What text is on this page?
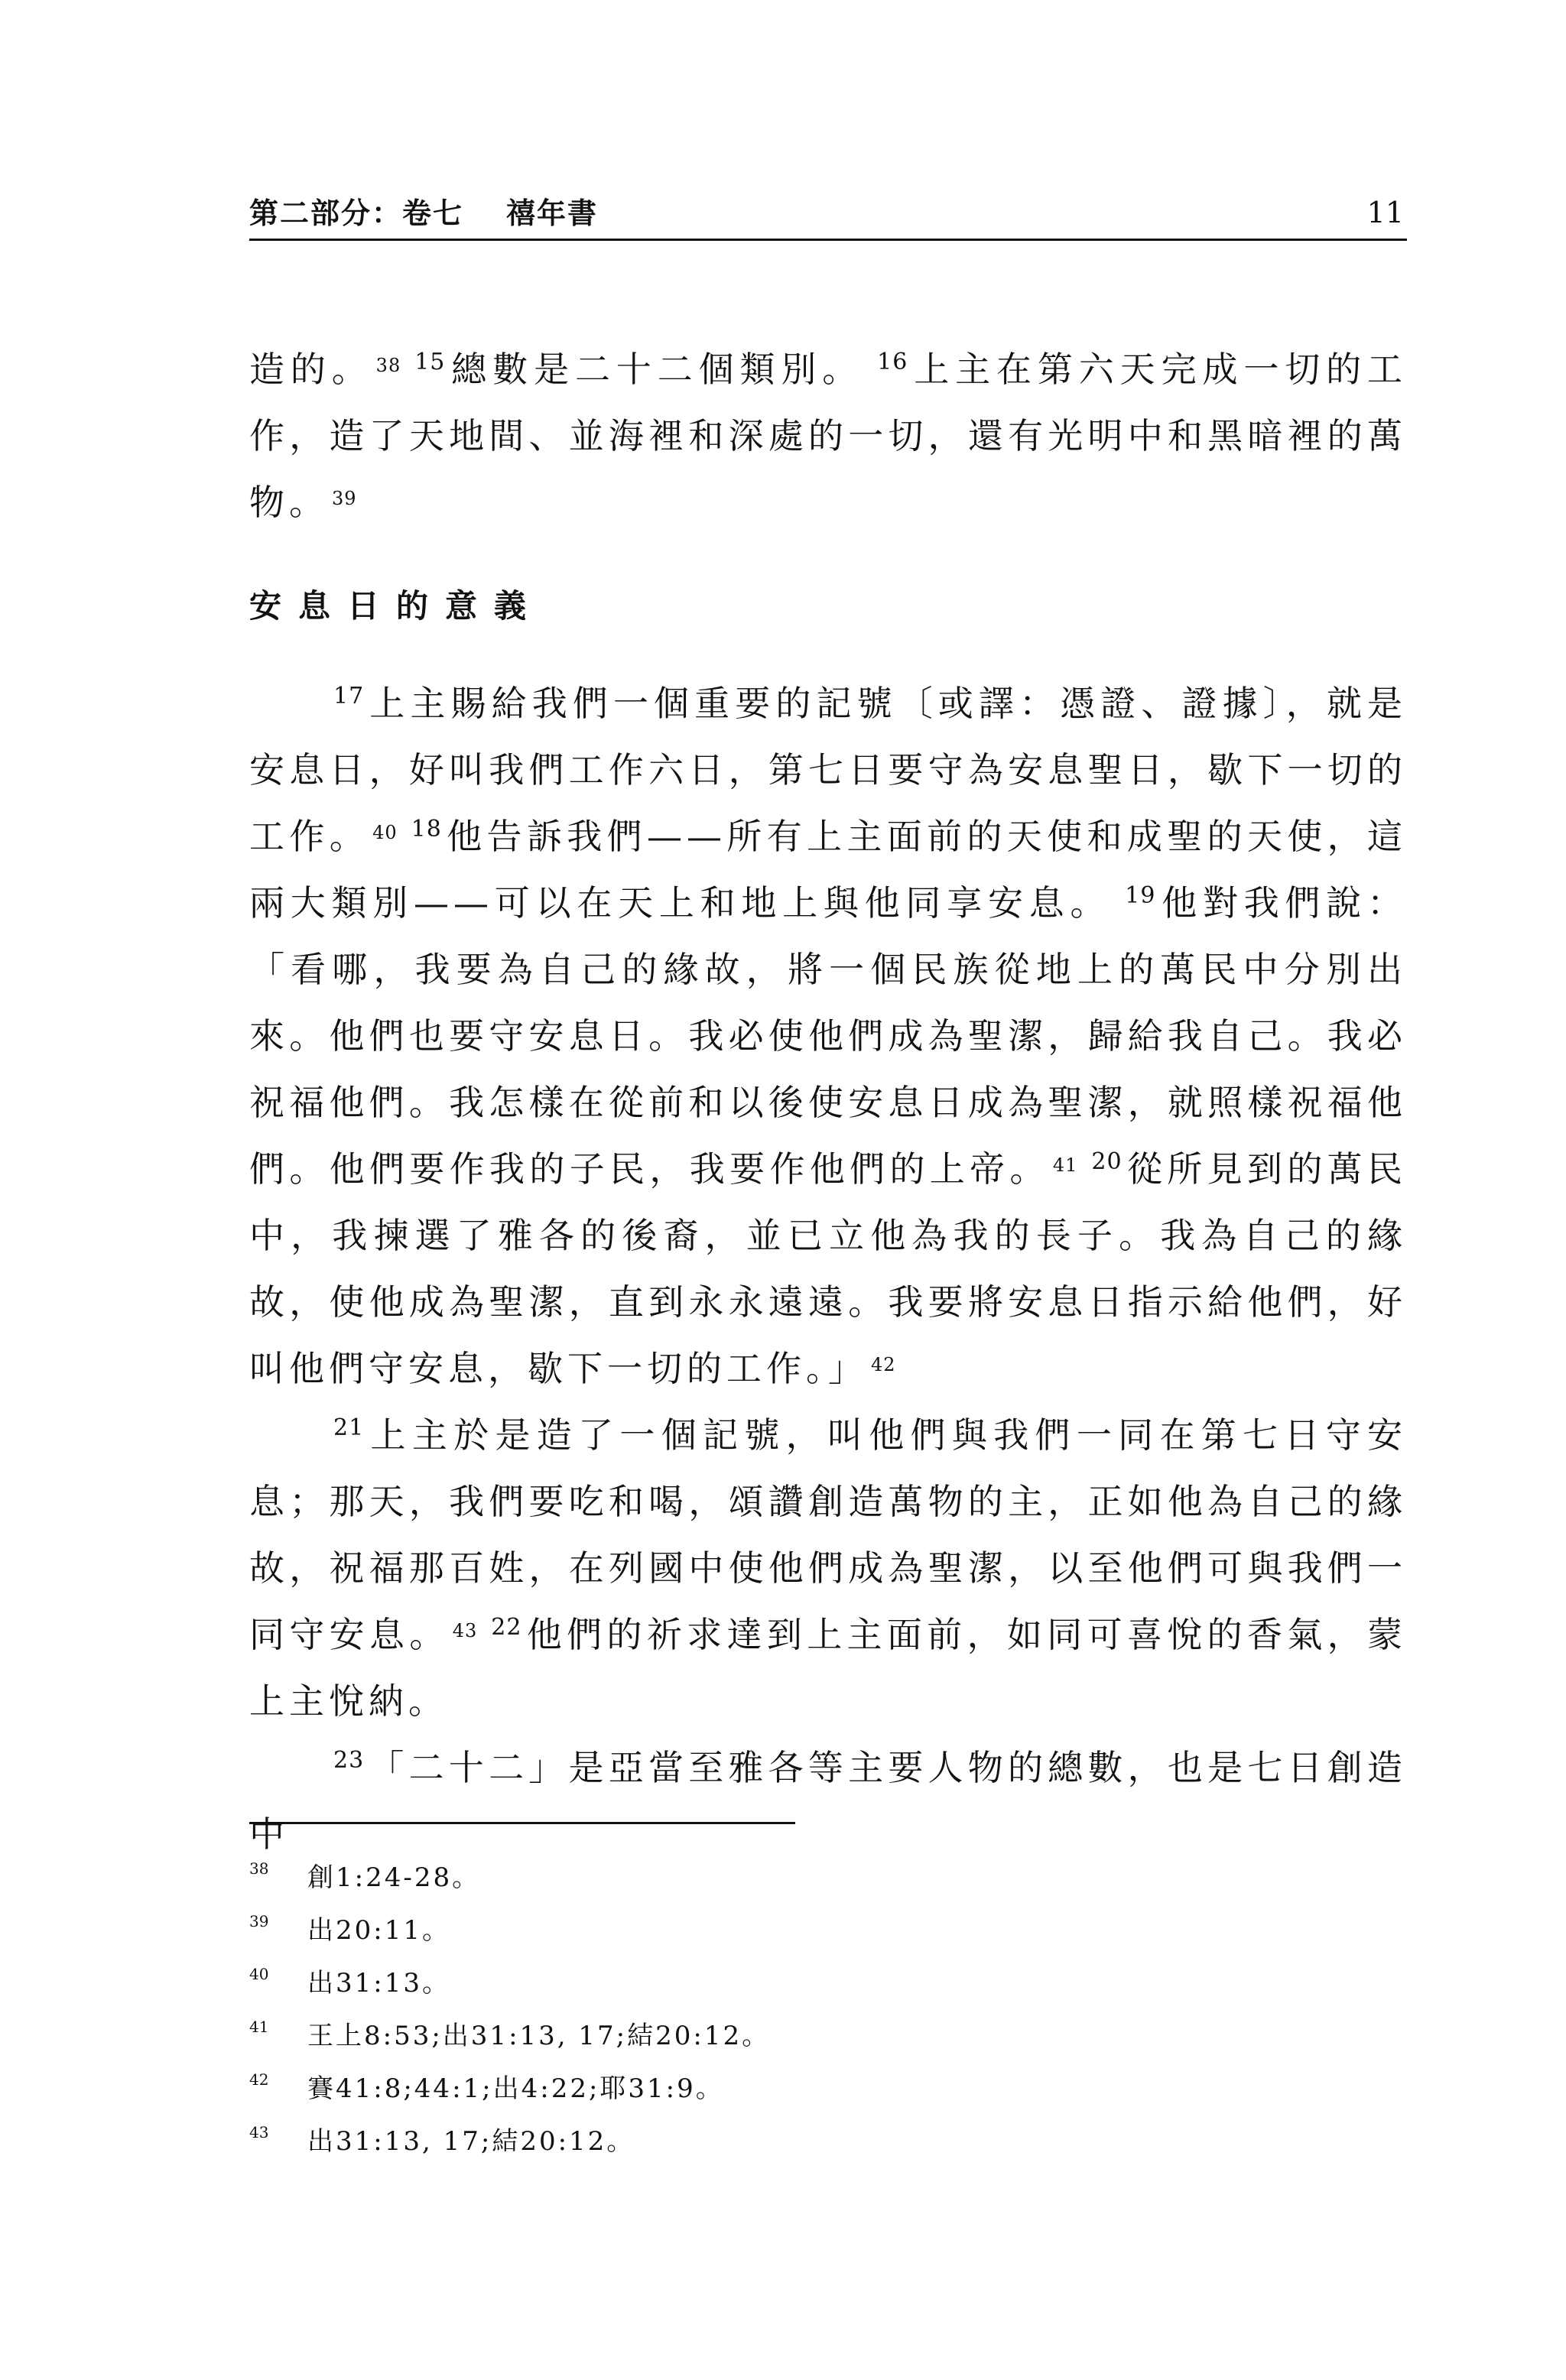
第二部分：卷七 禧年書	11

造的。 $^{38}$ $^{15}$ 總數是二十二個類別。 $^{16}$ 上主在第六天完成一切的工作，造了天地間、並海裡和深處的一切，還有光明中和黑暗裡的萬物。 $^{39}$

安息日的意義

$^{17}$ 上主賜給我們一個重要的記號〔或譯：憑證、證據〕，就是安息日，好叫我們工作六日，第七日要守為安息聖日，歇下一切的工作。 $^{40}$ $^{18}$ 他告訴我們——所有上主面前的天使和成聖的天使，這兩大類別——可以在天上和地上與他同享安息。 $^{19}$ 他對我們說：「看哪，我要為自己的緣故，將一個民族從地上的萬民中分別出來。他們也要守安息日。我必使他們成為聖潔，歸給我自己。我必祝福他們。我怎樣在從前和以後使安息日成為聖潔，就照樣祝福他們。他們要作我的子民，我要作他們的上帝。 $^{41}$ $^{20}$ 從所見到的萬民中，我揀選了雅各的後裔，並已立他為我的長子。我為自己的緣故，使他成為聖潔，直到永永遠遠。我要將安息日指示給他們，好叫他們守安息，歇下一切的工作。」 $^{42}$

$^{21}$ 上主於是造了一個記號，叫他們與我們一同在第七日守安息；那天，我們要吃和喝，頌讚創造萬物的主，正如他為自己的緣故，祝福那百姓，在列國中使他們成為聖潔，以至他們可與我們一同守安息。 $^{43}$ $^{22}$ 他們的祈求達到上主面前，如同可喜悅的香氣，蒙上主悅納。

$^{23}$ 「二十二」是亞當至雅各等主要人物的總數，也是七日創造中

38 創1:24-28。
39 出20:11。
40 出31:13。
41 王上8:53;出31:13, 17;結20:12。
42 賽41:8;44:1;出4:22;耶31:9。
43 出31:13, 17;結20:12。
